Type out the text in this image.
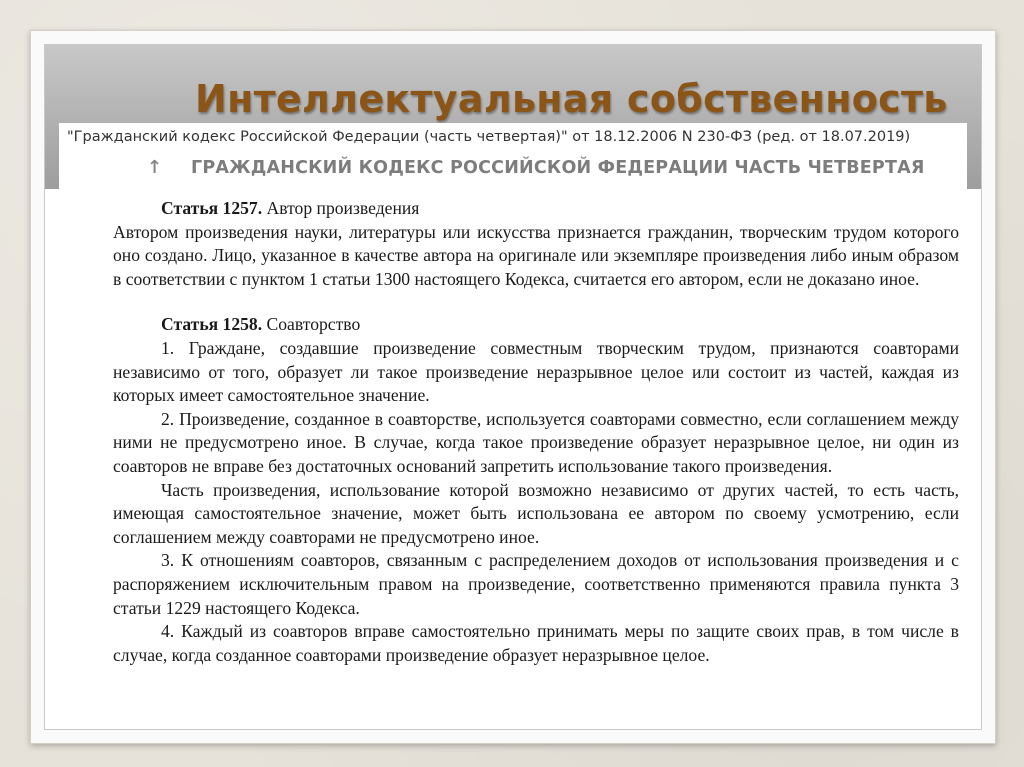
Интеллектуальная собственность
"Гражданский кодекс Российской Федерации (часть четвертая)" от 18.12.2006 N 230-ФЗ (ред. от 18.07.2019)
↑ ГРАЖДАНСКИЙ КОДЕКС РОССИЙСКОЙ ФЕДЕРАЦИИ ЧАСТЬ ЧЕТВЕРТАЯ

Статья 1257. Автор произведения

Автором произведения науки, литературы или искусства признается гражданин, творческим трудом которого оно создано. Лицо, указанное в качестве автора на оригинале или экземпляре произведения либо иным образом в соответствии с пунктом 1 статьи 1300 настоящего Кодекса, считается его автором, если не доказано иное.

Статья 1258. Соавторство

1. Граждане, создавшие произведение совместным творческим трудом, признаются соавторами независимо от того, образует ли такое произведение неразрывное целое или состоит из частей, каждая из которых имеет самостоятельное значение.

2. Произведение, созданное в соавторстве, используется соавторами совместно, если соглашением между ними не предусмотрено иное. В случае, когда такое произведение образует неразрывное целое, ни один из соавторов не вправе без достаточных оснований запретить использование такого произведения.

Часть произведения, использование которой возможно независимо от других частей, то есть часть, имеющая самостоятельное значение, может быть использована ее автором по своему усмотрению, если соглашением между соавторами не предусмотрено иное.

3. К отношениям соавторов, связанным с распределением доходов от использования произведения и с распоряжением исключительным правом на произведение, соответственно применяются правила пункта 3 статьи 1229 настоящего Кодекса.

4. Каждый из соавторов вправе самостоятельно принимать меры по защите своих прав, в том числе в случае, когда созданное соавторами произведение образует неразрывное целое.
